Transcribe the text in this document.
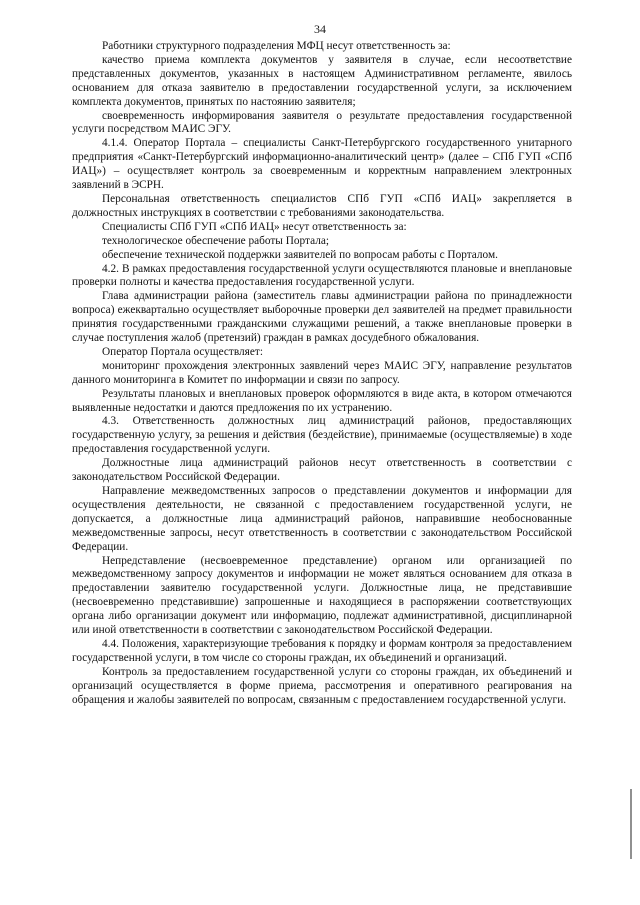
34

Работники структурного подразделения МФЦ несут ответственность за:

качество приема комплекта документов у заявителя в случае, если несоответствие представленных документов, указанных в настоящем Административном регламенте, явилось основанием для отказа заявителю в предоставлении государственной услуги, за исключением комплекта документов, принятых по настоянию заявителя;

своевременность информирования заявителя о результате предоставления государственной услуги посредством МАИС ЭГУ.

4.1.4. Оператор Портала – специалисты Санкт-Петербургского государственного унитарного предприятия «Санкт-Петербургский информационно-аналитический центр» (далее – СПб ГУП «СПб ИАЦ») – осуществляет контроль за своевременным и корректным направлением электронных заявлений в ЭСРН.

Персональная ответственность специалистов СПб ГУП «СПб ИАЦ» закрепляется в должностных инструкциях в соответствии с требованиями законодательства.

Специалисты СПб ГУП «СПб ИАЦ» несут ответственность за:

технологическое обеспечение работы Портала;

обеспечение технической поддержки заявителей по вопросам работы с Порталом.

4.2. В рамках предоставления государственной услуги осуществляются плановые и внеплановые проверки полноты и качества предоставления государственной услуги.

Глава администрации района (заместитель главы администрации района по принадлежности вопроса) ежеквартально осуществляет выборочные проверки дел заявителей на предмет правильности принятия государственными гражданскими служащими решений, а также внеплановые проверки в случае поступления жалоб (претензий) граждан в рамках досудебного обжалования.

Оператор Портала осуществляет:

мониторинг прохождения электронных заявлений через МАИС ЭГУ, направление результатов данного мониторинга в Комитет по информации и связи по запросу.

Результаты плановых и внеплановых проверок оформляются в виде акта, в котором отмечаются выявленные недостатки и даются предложения по их устранению.

4.3. Ответственность должностных лиц администраций районов, предоставляющих государственную услугу, за решения и действия (бездействие), принимаемые (осуществляемые) в ходе предоставления государственной услуги.

Должностные лица администраций районов несут ответственность в соответствии с законодательством Российской Федерации.

Направление межведомственных запросов о представлении документов и информации для осуществления деятельности, не связанной с предоставлением государственной услуги, не допускается, а должностные лица администраций районов, направившие необоснованные межведомственные запросы, несут ответственность в соответствии с законодательством Российской Федерации.

Непредставление (несвоевременное представление) органом или организацией по межведомственному запросу документов и информации не может являться основанием для отказа в предоставлении заявителю государственной услуги. Должностные лица, не представившие (несвоевременно представившие) запрошенные и находящиеся в распоряжении соответствующих органа либо организации документ или информацию, подлежат административной, дисциплинарной или иной ответственности в соответствии с законодательством Российской Федерации.

4.4. Положения, характеризующие требования к порядку и формам контроля за предоставлением государственной услуги, в том числе со стороны граждан, их объединений и организаций.

Контроль за предоставлением государственной услуги со стороны граждан, их объединений и организаций осуществляется в форме приема, рассмотрения и оперативного реагирования на обращения и жалобы заявителей по вопросам, связанным с предоставлением государственной услуги.
